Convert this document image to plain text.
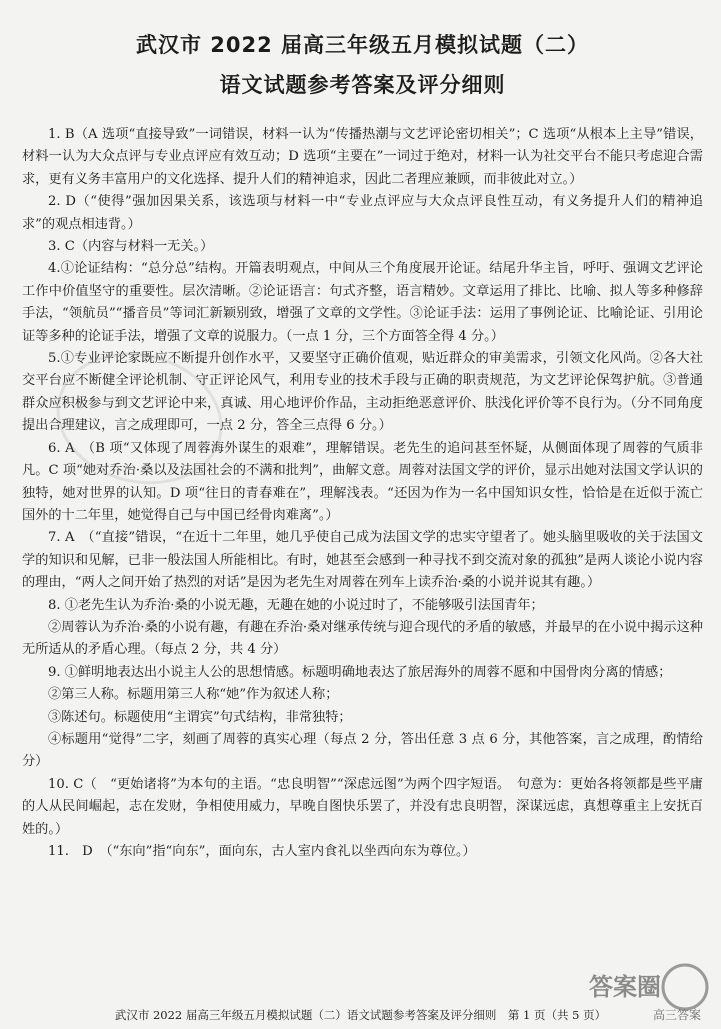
武汉市 2022 届高三年级五月模拟试题（二）
语文试题参考答案及评分细则

1. B（A 选项“直接导致”一词错误，材料一认为“传播热潮与文艺评论密切相关”；C 选项“从根本上主导”错误，材料一认为大众点评与专业点评应有效互动；D 选项“主要在”一词过于绝对，材料一认为社交平台不能只考虑迎合需求，更有义务丰富用户的文化选择、提升人们的精神追求，因此二者理应兼顾，而非彼此对立。）

2. D（“使得”强加因果关系，该选项与材料一中“专业点评应与大众点评良性互动，有义务提升人们的精神追求”的观点相违背。）

3. C（内容与材料一无关。）

4.①论证结构：“总分总”结构。开篇表明观点，中间从三个角度展开论证。结尾升华主旨，呼吁、强调文艺评论工作中价值坚守的重要性。层次清晰。②论证语言：句式齐整，语言精妙。文章运用了排比、比喻、拟人等多种修辞手法，“领航员”“播音员”等词汇新颖别致，增强了文章的文学性。③论证手法：运用了事例论证、比喻论证、引用论证等多种的论证手法，增强了文章的说服力。（一点 1 分，三个方面答全得 4 分。）

5.①专业评论家既应不断提升创作水平，又要坚守正确价值观，贴近群众的审美需求，引领文化风尚。②各大社交平台应不断健全评论机制、守正评论风气，利用专业的技术手段与正确的职责规范，为文艺评论保驾护航。③普通群众应积极参与到文艺评论中来，真诚、用心地评价作品，主动拒绝恶意评价、肤浅化评价等不良行为。（分不同角度提出合理建议，言之成理即可，一点 2 分，答全三点得 6 分。）

6. A　（B 项“又体现了周蓉海外谋生的艰难”，理解错误。老先生的追问甚至怀疑，从侧面体现了周蓉的气质非凡。C 项“她对乔治·桑以及法国社会的不满和批判”，曲解文意。周蓉对法国文学的评价，显示出她对法国文学认识的独特，她对世界的认知。D 项“往日的青春难在”，理解浅表。“还因为作为一名中国知识女性，恰恰是在近似于流亡国外的十二年里，她觉得自己与中国已经骨肉难离”。）

7. A　（“直接”错误，“在近十二年里，她几乎使自己成为法国文学的忠实守望者了。她头脑里吸收的关于法国文学的知识和见解，已非一般法国人所能相比。有时，她甚至会感到一种寻找不到交流对象的孤独”是两人谈论小说内容的理由，“两人之间开始了热烈的对话”是因为老先生对周蓉在列车上读乔治·桑的小说并说其有趣。）

8. ①老先生认为乔治·桑的小说无趣，无趣在她的小说过时了，不能够吸引法国青年；

②周蓉认为乔治·桑的小说有趣，有趣在乔治·桑对继承传统与迎合现代的矛盾的敏感，并最早的在小说中揭示这种无所适从的矛盾心理。（每点 2 分，共 4 分）

9. ①鲜明地表达出小说主人公的思想情感。标题明确地表达了旅居海外的周蓉不愿和中国骨肉分离的情感；

②第三人称。标题用第三人称“她”作为叙述人称；

③陈述句。标题使用“主谓宾”句式结构，非常独特；

④标题用“觉得”二字，刻画了周蓉的真实心理（每点 2 分，答出任意 3 点 6 分，其他答案，言之成理，酌情给分）

10. C（　“更始诸将”为本句的主语。“忠良明智”“深虑远图”为两个四字短语。　句意为：更始各将领都是些平庸的人从民间崛起，志在发财，争相使用威力，早晚自图快乐罢了，并没有忠良明智，深谋远虑，真想尊重主上安抚百姓的。）

11.　D　（“东向”指“向东”，面向东，古人室内食礼以坐西向东为尊位。）

答案圈
高三答案
武汉市 2022 届高三年级五月模拟试题（二）语文试题参考答案及评分细则　第 1 页（共 5 页）
